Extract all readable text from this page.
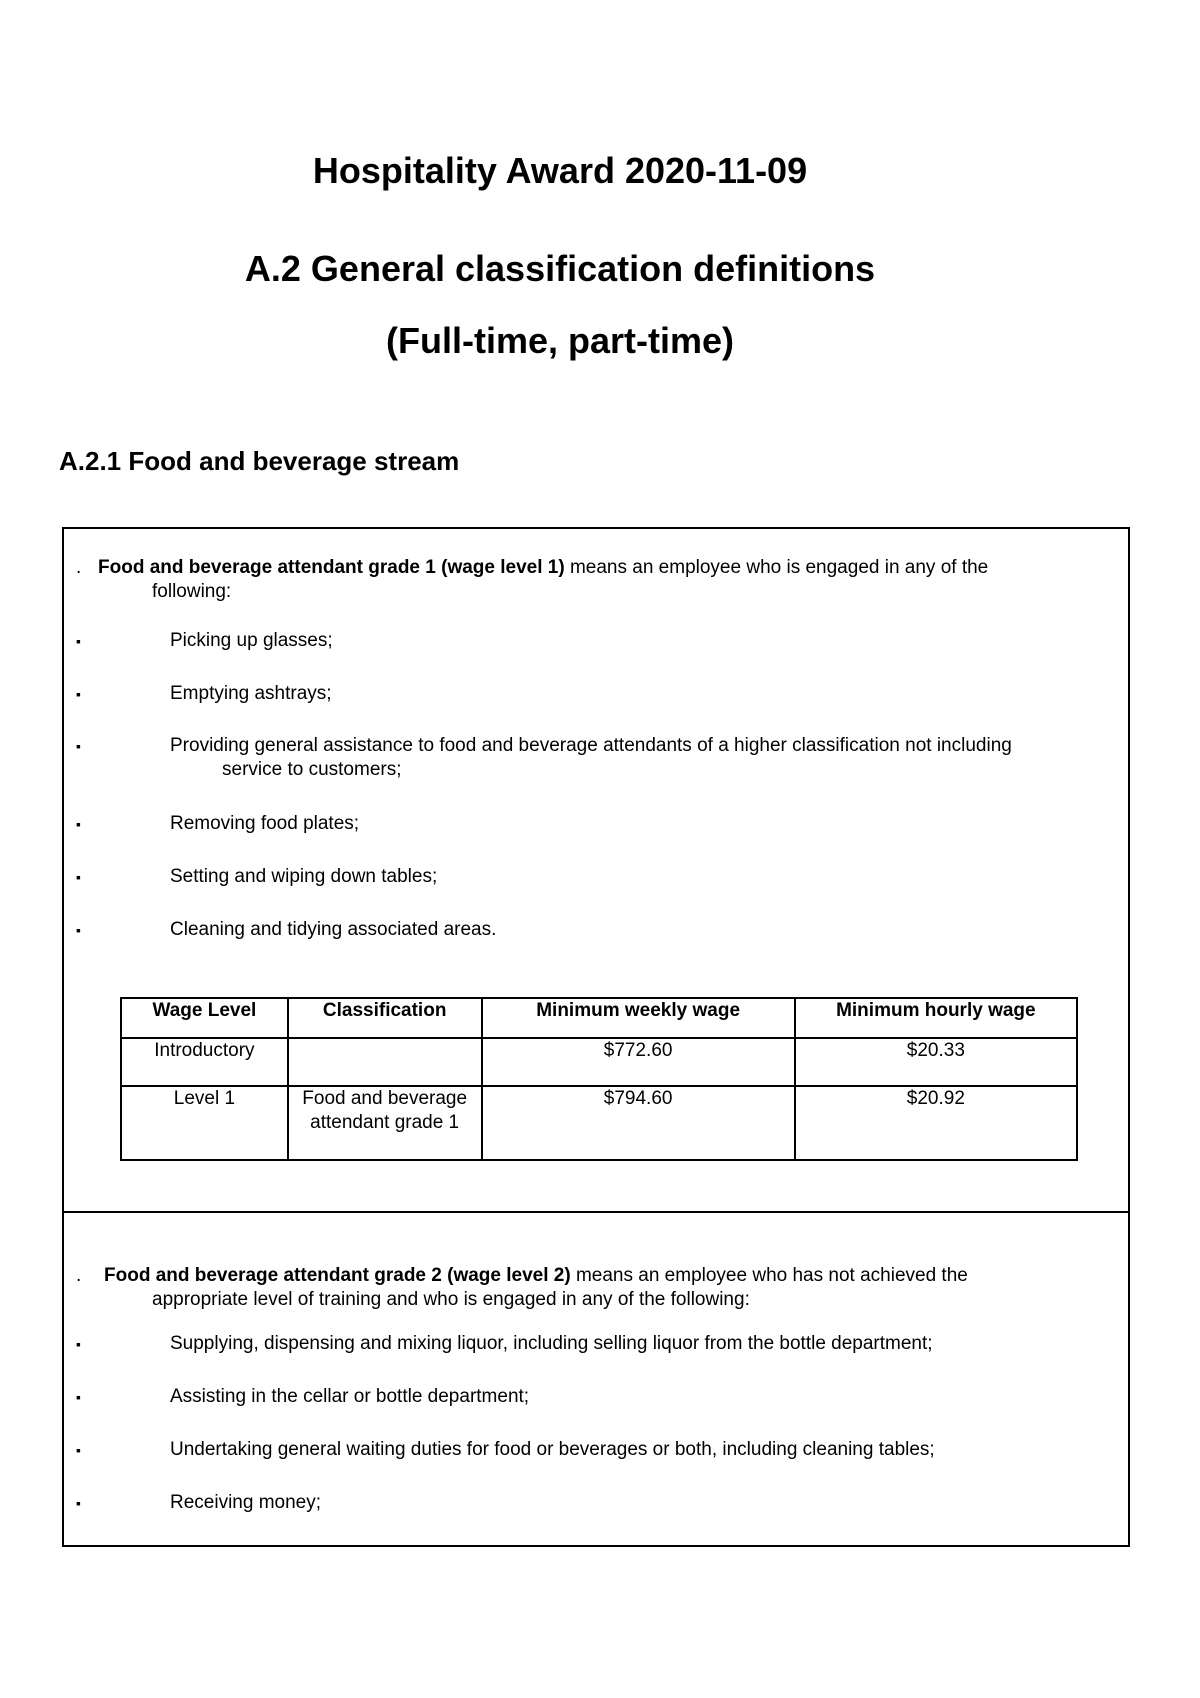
Hospitality Award 2020-11-09
A.2 General classification definitions
(Full-time, part-time)
A.2.1 Food and beverage stream
. Food and beverage attendant grade 1 (wage level 1) means an employee who is engaged in any of the
following:
▪	Picking up glasses;
▪	Emptying ashtrays;
▪	Providing general assistance to food and beverage attendants of a higher classification not including
service to customers;
▪	Removing food plates;
▪	Setting and wiping down tables;
▪	Cleaning and tidying associated areas.
Wage Level	Classification	Minimum weekly wage	Minimum hourly wage
Introductory		$772.60	$20.33
Level 1	Food and beverage attendant grade 1	$794.60	$20.92
.	Food and beverage attendant grade 2 (wage level 2) means an employee who has not achieved the
appropriate level of training and who is engaged in any of the following:
▪	Supplying, dispensing and mixing liquor, including selling liquor from the bottle department;
▪	Assisting in the cellar or bottle department;
▪	Undertaking general waiting duties for food or beverages or both, including cleaning tables;
▪	Receiving money;
